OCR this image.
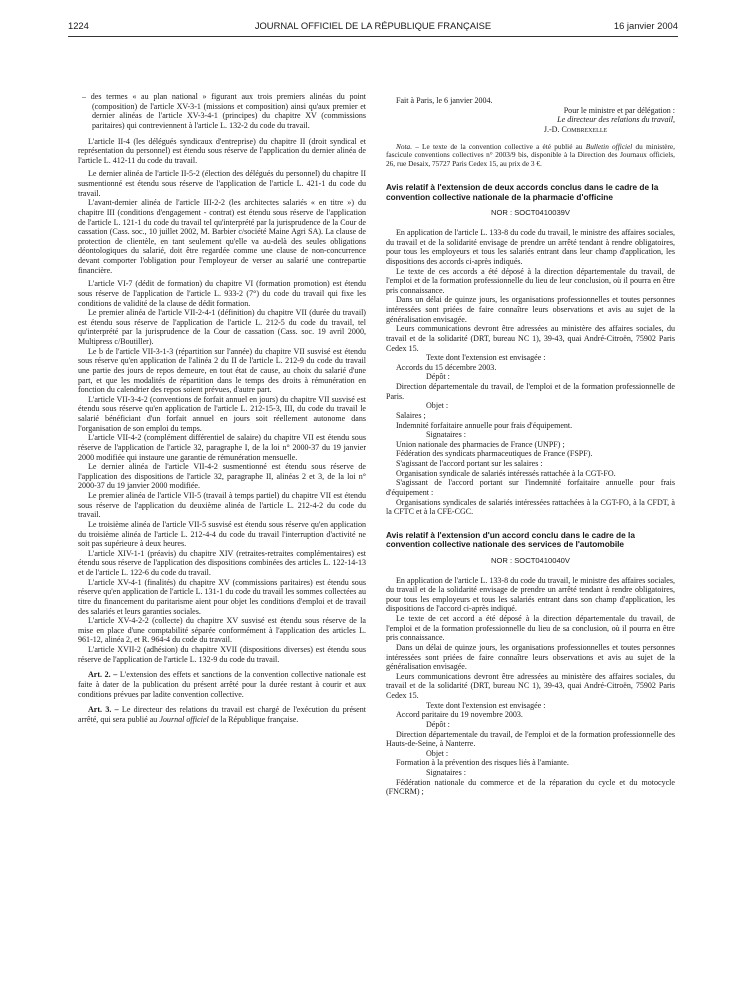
1224	JOURNAL OFFICIEL DE LA RÉPUBLIQUE FRANÇAISE	16 janvier 2004

– des termes « au plan national » figurant aux trois premiers alinéas du point (composition) de l'article XV-3-1 (missions et composition) ainsi qu'aux premier et dernier alinéas de l'article XV-3-4-1 (principes) du chapitre XV (commissions paritaires) qui contreviennent à l'article L. 132-2 du code du travail.

L'article II-4 (les délégués syndicaux d'entreprise) du chapitre II (droit syndical et représentation du personnel) est étendu sous réserve de l'application du dernier alinéa de l'article L. 412-11 du code du travail.

Le dernier alinéa de l'article II-5-2 (élection des délégués du personnel) du chapitre II susmentionné est étendu sous réserve de l'application de l'article L. 421-1 du code du travail.

L'avant-dernier alinéa de l'article III-2-2 (les architectes salariés « en titre ») du chapitre III (conditions d'engagement - contrat) est étendu sous réserve de l'application de l'article L. 121-1 du code du travail tel qu'interprété par la jurisprudence de la Cour de cassation (Cass. soc., 10 juillet 2002, M. Barbier c/société Maine Agri SA). La clause de protection de clientèle, en tant seulement qu'elle va au-delà des seules obligations déontologiques du salarié, doit être regardée comme une clause de non-concurrence devant comporter l'obligation pour l'employeur de verser au salarié une contrepartie financière.

L'article VI-7 (dédit de formation) du chapitre VI (formation promotion) est étendu sous réserve de l'application de l'article L. 933-2 (7°) du code du travail qui fixe les conditions de validité de la clause de dédit formation.

Le premier alinéa de l'article VII-2-4-1 (définition) du chapitre VII (durée du travail) est étendu sous réserve de l'application de l'article L. 212-5 du code du travail, tel qu'interprété par la jurisprudence de la Cour de cassation (Cass. soc. 19 avril 2000, Multipress c/Boutiller).

Le b de l'article VII-3-1-3 (répartition sur l'année) du chapitre VII susvisé est étendu sous réserve qu'en application de l'alinéa 2 du II de l'article L. 212-9 du code du travail une partie des jours de repos demeure, en tout état de cause, au choix du salarié d'une part, et que les modalités de répartition dans le temps des droits à rémunération en fonction du calendrier des repos soient prévues, d'autre part.

L'article VII-3-4-2 (conventions de forfait annuel en jours) du chapitre VII susvisé est étendu sous réserve qu'en application de l'article L. 212-15-3, III, du code du travail le salarié bénéficiant d'un forfait annuel en jours soit réellement autonome dans l'organisation de son emploi du temps.

L'article VII-4-2 (complément différentiel de salaire) du chapitre VII est étendu sous réserve de l'application de l'article 32, paragraphe I, de la loi n° 2000-37 du 19 janvier 2000 modifiée qui instaure une garantie de rémunération mensuelle.

Le dernier alinéa de l'article VII-4-2 susmentionné est étendu sous réserve de l'application des dispositions de l'article 32, paragraphe II, alinéas 2 et 3, de la loi n° 2000-37 du 19 janvier 2000 modifiée.

Le premier alinéa de l'article VII-5 (travail à temps partiel) du chapitre VII est étendu sous réserve de l'application du deuxième alinéa de l'article L. 212-4-2 du code du travail.

Le troisième alinéa de l'article VII-5 susvisé est étendu sous réserve qu'en application du troisième alinéa de l'article L. 212-4-4 du code du travail l'interruption d'activité ne soit pas supérieure à deux heures.

L'article XIV-1-1 (préavis) du chapitre XIV (retraites-retraites complémentaires) est étendu sous réserve de l'application des dispositions combinées des articles L. 122-14-13 et de l'article L. 122-6 du code du travail.

L'article XV-4-1 (finalités) du chapitre XV (commissions paritaires) est étendu sous réserve qu'en application de l'article L. 131-1 du code du travail les sommes collectées au titre du financement du paritarisme aient pour objet les conditions d'emploi et de travail des salariés et leurs garanties sociales.

L'article XV-4-2-2 (collecte) du chapitre XV susvisé est étendu sous réserve de la mise en place d'une comptabilité séparée conformément à l'application des articles L. 961-12, alinéa 2, et R. 964-4 du code du travail.

L'article XVII-2 (adhésion) du chapitre XVII (dispositions diverses) est étendu sous réserve de l'application de l'article L. 132-9 du code du travail.

Art. 2. – L'extension des effets et sanctions de la convention collective nationale est faite à dater de la publication du présent arrêté pour la durée restant à courir et aux conditions prévues par ladite convention collective.

Art. 3. – Le directeur des relations du travail est chargé de l'exécution du présent arrêté, qui sera publié au Journal officiel de la République française.

Fait à Paris, le 6 janvier 2004.

Pour le ministre et par délégation :

Le directeur des relations du travail,

J.-D. Combrexelle

Nota. – Le texte de la convention collective a été publié au Bulletin officiel du ministère, fascicule conventions collectives n° 2003/9 bis, disponible à la Direction des Journaux officiels, 26, rue Desaix, 75727 Paris Cedex 15, au prix de 3 €.

Avis relatif à l'extension de deux accords conclus dans le cadre de la convention collective nationale de la pharmacie d'officine

NOR : SOCT0410039V

En application de l'article L. 133-8 du code du travail, le ministre des affaires sociales, du travail et de la solidarité envisage de prendre un arrêté tendant à rendre obligatoires, pour tous les employeurs et tous les salariés entrant dans leur champ d'application, les dispositions des accords ci-après indiqués.

Le texte de ces accords a été déposé à la direction départementale du travail, de l'emploi et de la formation professionnelle du lieu de leur conclusion, où il pourra en être pris connaissance.

Dans un délai de quinze jours, les organisations professionnelles et toutes personnes intéressées sont priées de faire connaître leurs observations et avis au sujet de la généralisation envisagée.

Leurs communications devront être adressées au ministère des affaires sociales, du travail et de la solidarité (DRT, bureau NC 1), 39-43, quai André-Citroën, 75902 Paris Cedex 15.

Texte dont l'extension est envisagée :

Accords du 15 décembre 2003.

Dépôt :

Direction départementale du travail, de l'emploi et de la formation professionnelle de Paris.

Objet :

Salaires ;

Indemnité forfaitaire annuelle pour frais d'équipement.

Signataires :

Union nationale des pharmacies de France (UNPF) ;

Fédération des syndicats pharmaceutiques de France (FSPF).

S'agissant de l'accord portant sur les salaires :

Organisation syndicale de salariés intéressés rattachée à la CGT-FO.

S'agissant de l'accord portant sur l'indemnité forfaitaire annuelle pour frais d'équipement :

Organisations syndicales de salariés intéressées rattachées à la CGT-FO, à la CFDT, à la CFTC et à la CFE-CGC.

Avis relatif à l'extension d'un accord conclu dans le cadre de la convention collective nationale des services de l'automobile

NOR : SOCT0410040V

En application de l'article L. 133-8 du code du travail, le ministre des affaires sociales, du travail et de la solidarité envisage de prendre un arrêté tendant à rendre obligatoires, pour tous les employeurs et tous les salariés entrant dans son champ d'application, les dispositions de l'accord ci-après indiqué.

Le texte de cet accord a été déposé à la direction départementale du travail, de l'emploi et de la formation professionnelle du lieu de sa conclusion, où il pourra en être pris connaissance.

Dans un délai de quinze jours, les organisations professionnelles et toutes personnes intéressées sont priées de faire connaître leurs observations et avis au sujet de la généralisation envisagée.

Leurs communications devront être adressées au ministère des affaires sociales, du travail et de la solidarité (DRT, bureau NC 1), 39-43, quai André-Citroën, 75902 Paris Cedex 15.

Texte dont l'extension est envisagée :

Accord paritaire du 19 novembre 2003.

Dépôt :

Direction départementale du travail, de l'emploi et de la formation professionnelle des Hauts-de-Seine, à Nanterre.

Objet :

Formation à la prévention des risques liés à l'amiante.

Signataires :

Fédération nationale du commerce et de la réparation du cycle et du motocycle (FNCRM) ;
